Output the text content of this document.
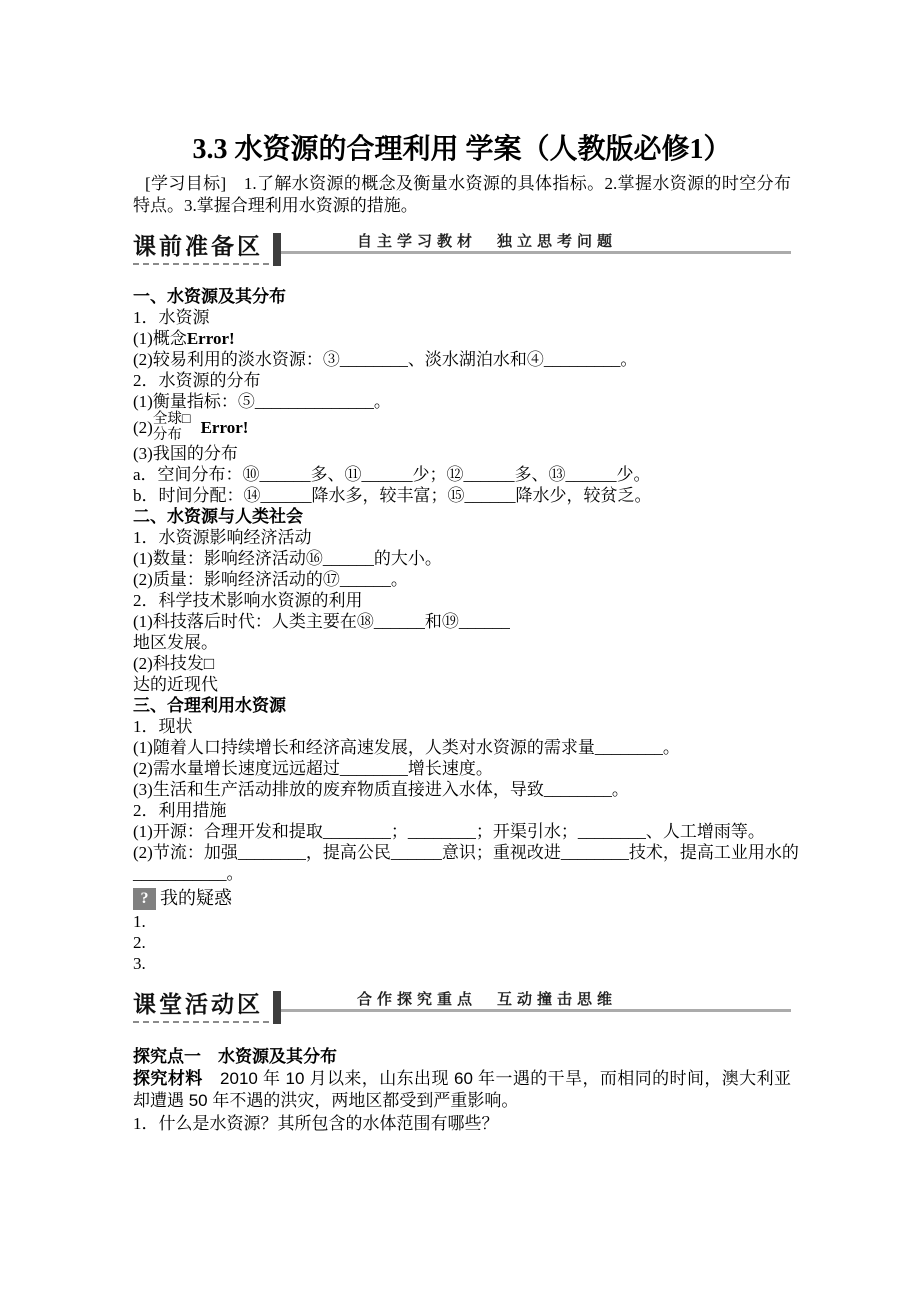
3.3 水资源的合理利用 学案（人教版必修1）
[学习目标]　1.了解水资源的概念及衡量水资源的具体指标。2.掌握水资源的时空分布特点。3.掌握合理利用水资源的措施。
课前准备区	自主学习教材　独立思考问题
一、水资源及其分布
1．水资源
(1)概念Error!
(2)较易利用的淡水资源：③________、淡水湖泊水和④_________。
2．水资源的分布
(1)衡量指标：⑤______________。
(2) 全球□
分布	Error!
(3)我国的分布
a．空间分布：⑩______多、⑪______少；⑫______多、⑬______少。
b．时间分配：⑭______降水多，较丰富；⑮______降水少，较贫乏。
二、水资源与人类社会
1．水资源影响经济活动
(1)数量：影响经济活动⑯______的大小。
(2)质量：影响经济活动的⑰______。
2．科学技术影响水资源的利用
(1)科技落后时代：人类主要在⑱______和⑲______
地区发展。
(2)科技发□
达的近现代
三、合理利用水资源
1．现状
(1)随着人口持续增长和经济高速发展，人类对水资源的需求量________。
(2)需水量增长速度远远超过________增长速度。
(3)生活和生产活动排放的废弃物质直接进入水体，导致________。
2．利用措施
(1)开源：合理开发和提取________；________；开渠引水；________、人工增雨等。
(2)节流：加强________，提高公民______意识；重视改进________技术，提高工业用水的
___________。
? 我的疑惑
1.
2.
3.
课堂活动区	合作探究重点　互动撞击思维
探究点一　水资源及其分布
探究材料　2010 年 10 月以来，山东出现 60 年一遇的干旱，而相同的时间，澳大利亚却遭遇 50 年不遇的洪灾，两地区都受到严重影响。
1．什么是水资源？其所包含的水体范围有哪些？
